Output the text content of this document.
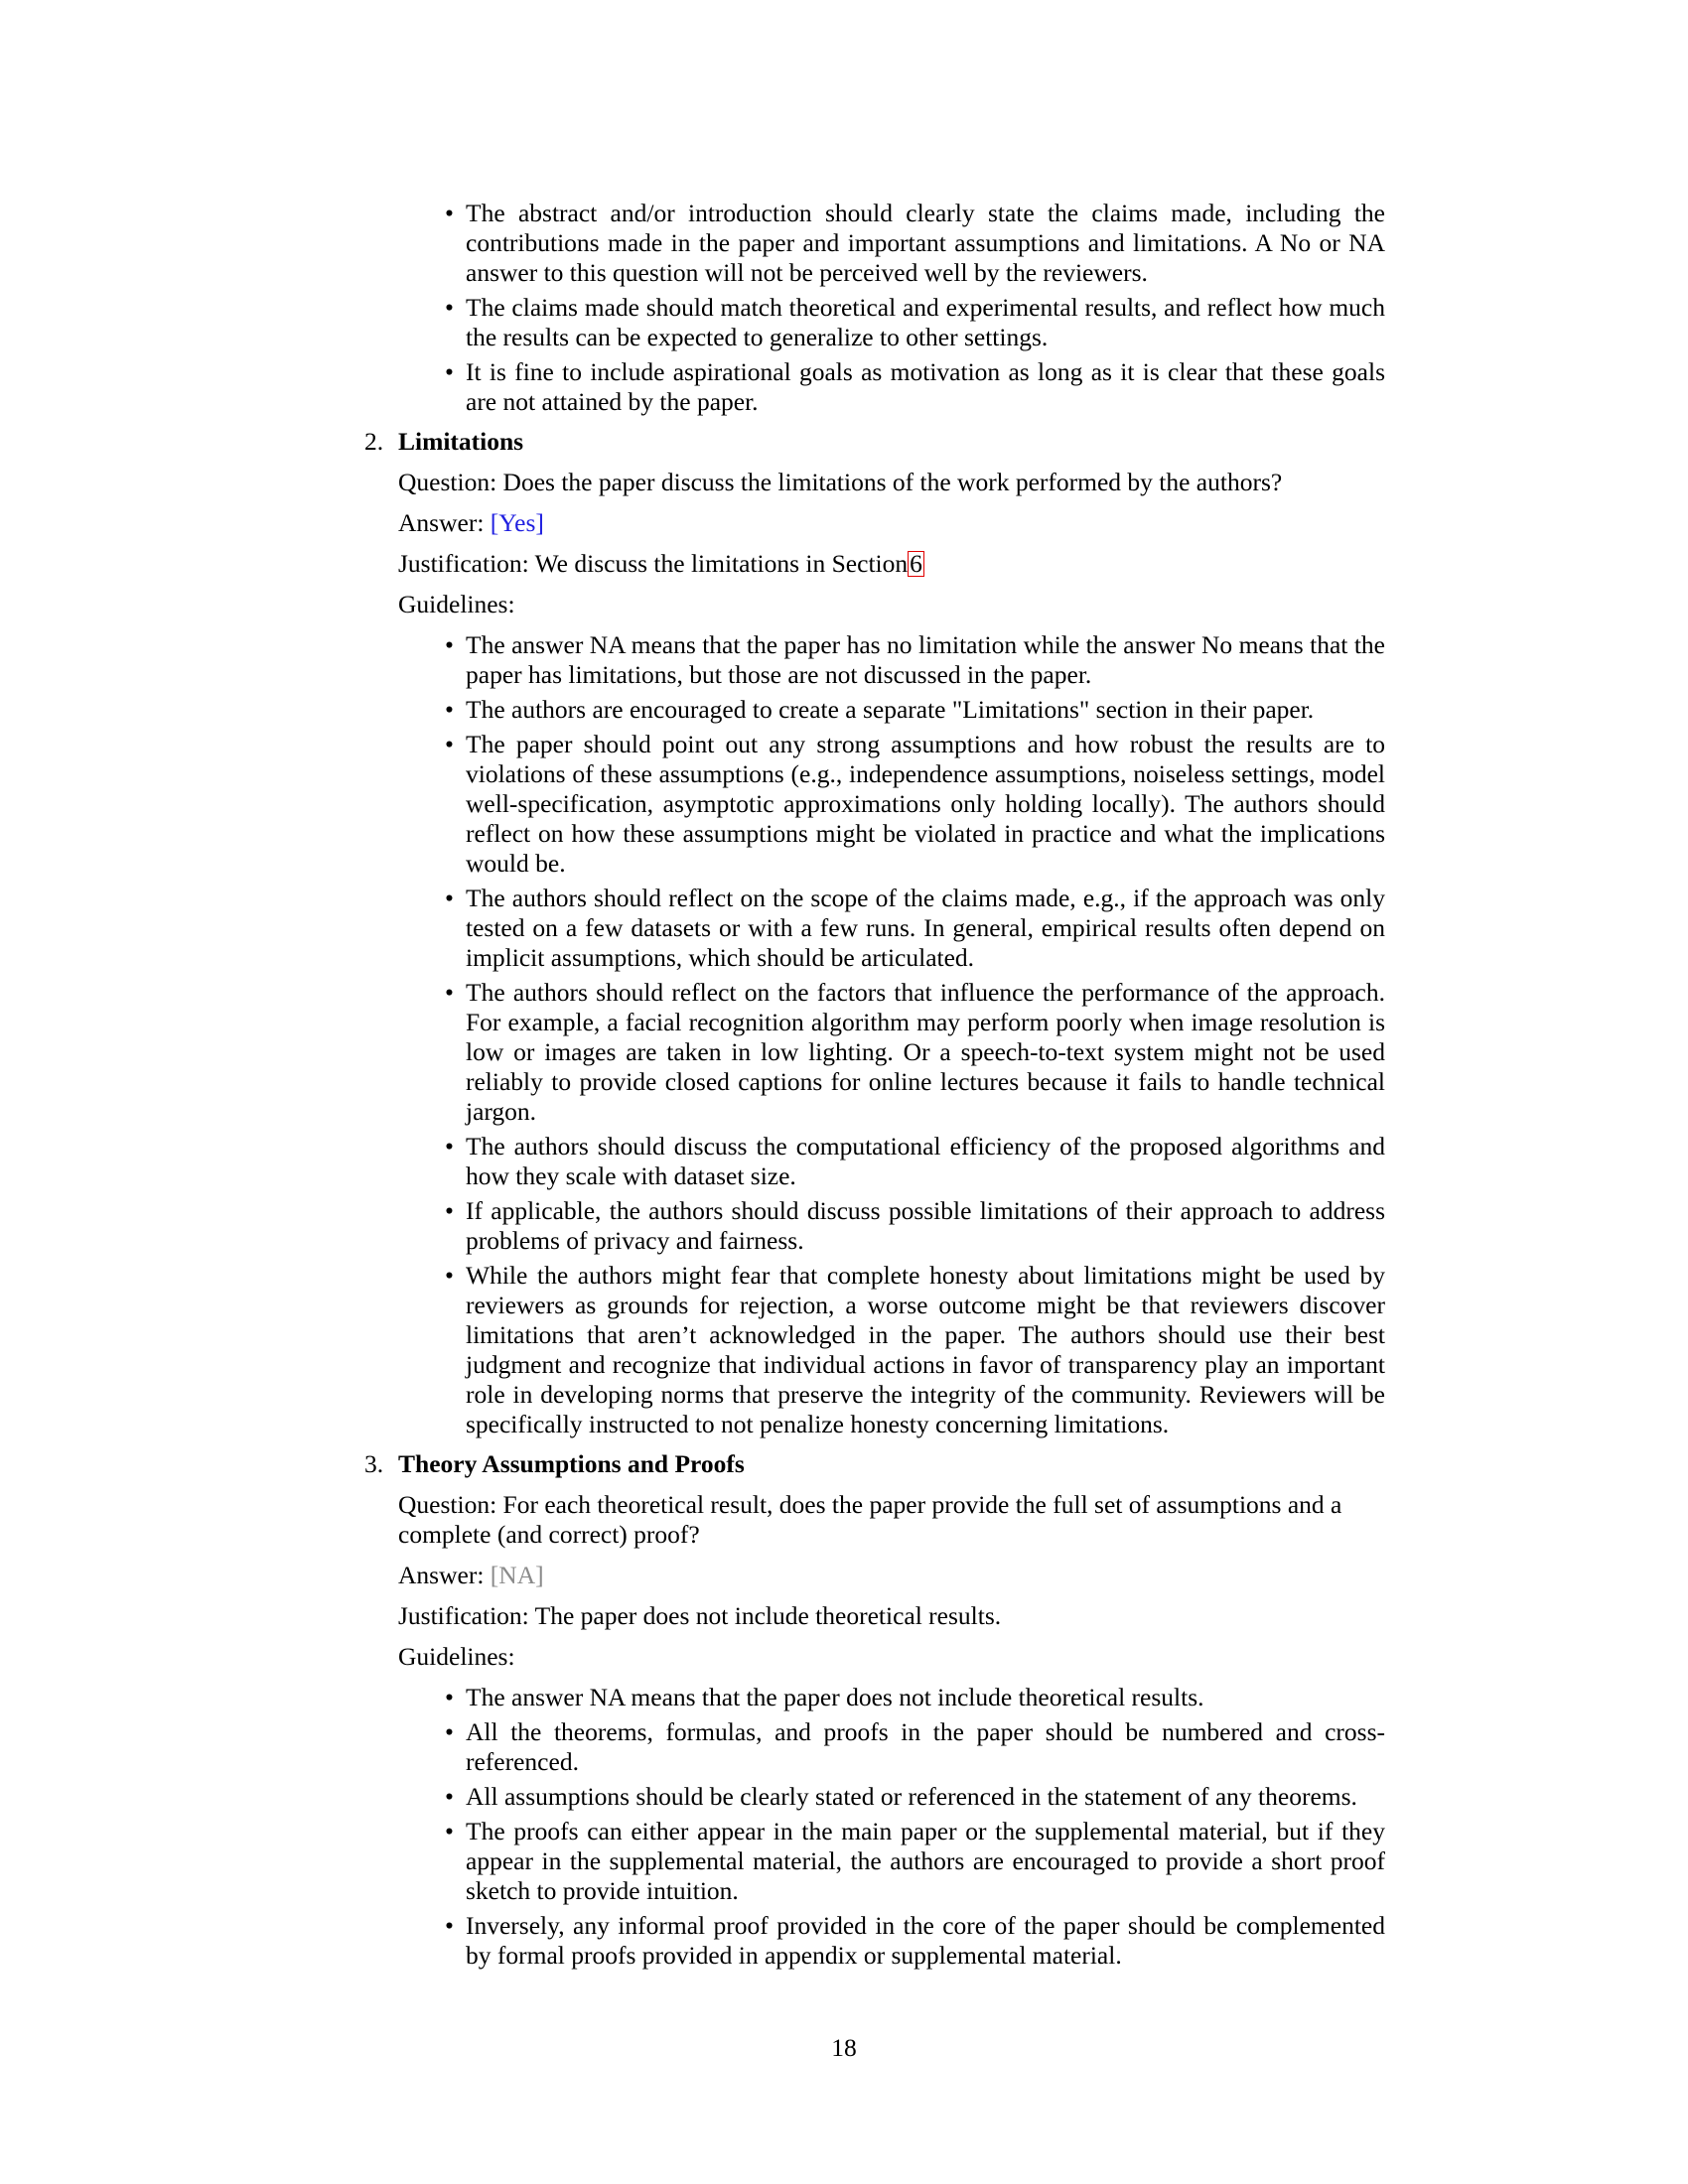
• The abstract and/or introduction should clearly state the claims made, including the contributions made in the paper and important assumptions and limitations. A No or NA answer to this question will not be perceived well by the reviewers.
• The claims made should match theoretical and experimental results, and reflect how much the results can be expected to generalize to other settings.
• It is fine to include aspirational goals as motivation as long as it is clear that these goals are not attained by the paper.
2. Limitations

Question: Does the paper discuss the limitations of the work performed by the authors?

Answer: [Yes]

Justification: We discuss the limitations in Section6

Guidelines:

• The answer NA means that the paper has no limitation while the answer No means that the paper has limitations, but those are not discussed in the paper.
• The authors are encouraged to create a separate "Limitations" section in their paper.
• The paper should point out any strong assumptions and how robust the results are to violations of these assumptions (e.g., independence assumptions, noiseless settings, model well-specification, asymptotic approximations only holding locally). The authors should reflect on how these assumptions might be violated in practice and what the implications would be.
• The authors should reflect on the scope of the claims made, e.g., if the approach was only tested on a few datasets or with a few runs. In general, empirical results often depend on implicit assumptions, which should be articulated.
• The authors should reflect on the factors that influence the performance of the approach. For example, a facial recognition algorithm may perform poorly when image resolution is low or images are taken in low lighting. Or a speech-to-text system might not be used reliably to provide closed captions for online lectures because it fails to handle technical jargon.
• The authors should discuss the computational efficiency of the proposed algorithms and how they scale with dataset size.
• If applicable, the authors should discuss possible limitations of their approach to address problems of privacy and fairness.
• While the authors might fear that complete honesty about limitations might be used by reviewers as grounds for rejection, a worse outcome might be that reviewers discover limitations that aren’t acknowledged in the paper. The authors should use their best judgment and recognize that individual actions in favor of transparency play an important role in developing norms that preserve the integrity of the community. Reviewers will be specifically instructed to not penalize honesty concerning limitations.
3. Theory Assumptions and Proofs

Question: For each theoretical result, does the paper provide the full set of assumptions and a complete (and correct) proof?

Answer: [NA]

Justification: The paper does not include theoretical results.

Guidelines:

• The answer NA means that the paper does not include theoretical results.
• All the theorems, formulas, and proofs in the paper should be numbered and cross-referenced.
• All assumptions should be clearly stated or referenced in the statement of any theorems.
• The proofs can either appear in the main paper or the supplemental material, but if they appear in the supplemental material, the authors are encouraged to provide a short proof sketch to provide intuition.
• Inversely, any informal proof provided in the core of the paper should be complemented by formal proofs provided in appendix or supplemental material.
18
